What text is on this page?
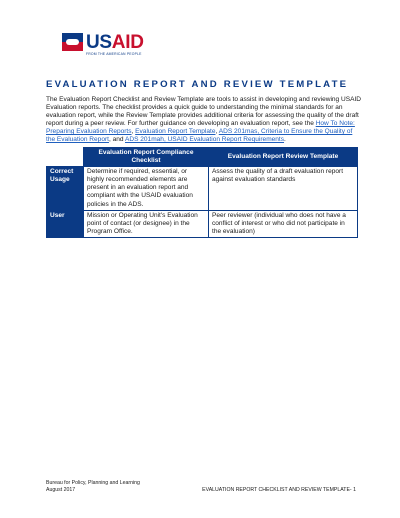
USAID
FROM THE AMERICAN PEOPLE
EVALUATION REPORT AND REVIEW TEMPLATE

The Evaluation Report Checklist and Review Template are tools to assist in developing and reviewing USAID Evaluation reports. The checklist provides a quick guide to understanding the minimal standards for an evaluation report, while the Review Template provides additional criteria for assessing the quality of the draft report during a peer review. For further guidance on developing an evaluation report, see the How To Note: Preparing Evaluation Reports, Evaluation Report Template, ADS 201mas, Criteria to Ensure the Quality of the Evaluation Report, and ADS 201mah, USAID Evaluation Report Requirements.

	Evaluation Report Compliance Checklist	Evaluation Report Review Template
Correct Usage	Determine if required, essential, or highly recommended elements are present in an evaluation report and compliant with the USAID evaluation policies in the ADS.	Assess the quality of a draft evaluation report against evaluation standards
User	Mission or Operating Unit's Evaluation point of contact (or designee) in the Program Office.	Peer reviewer (individual who does not have a conflict of interest or who did not participate in the evaluation)
Bureau for Policy, Planning and Learning
August 2017	EVALUATION REPORT CHECKLIST AND REVIEW TEMPLATE- 1
